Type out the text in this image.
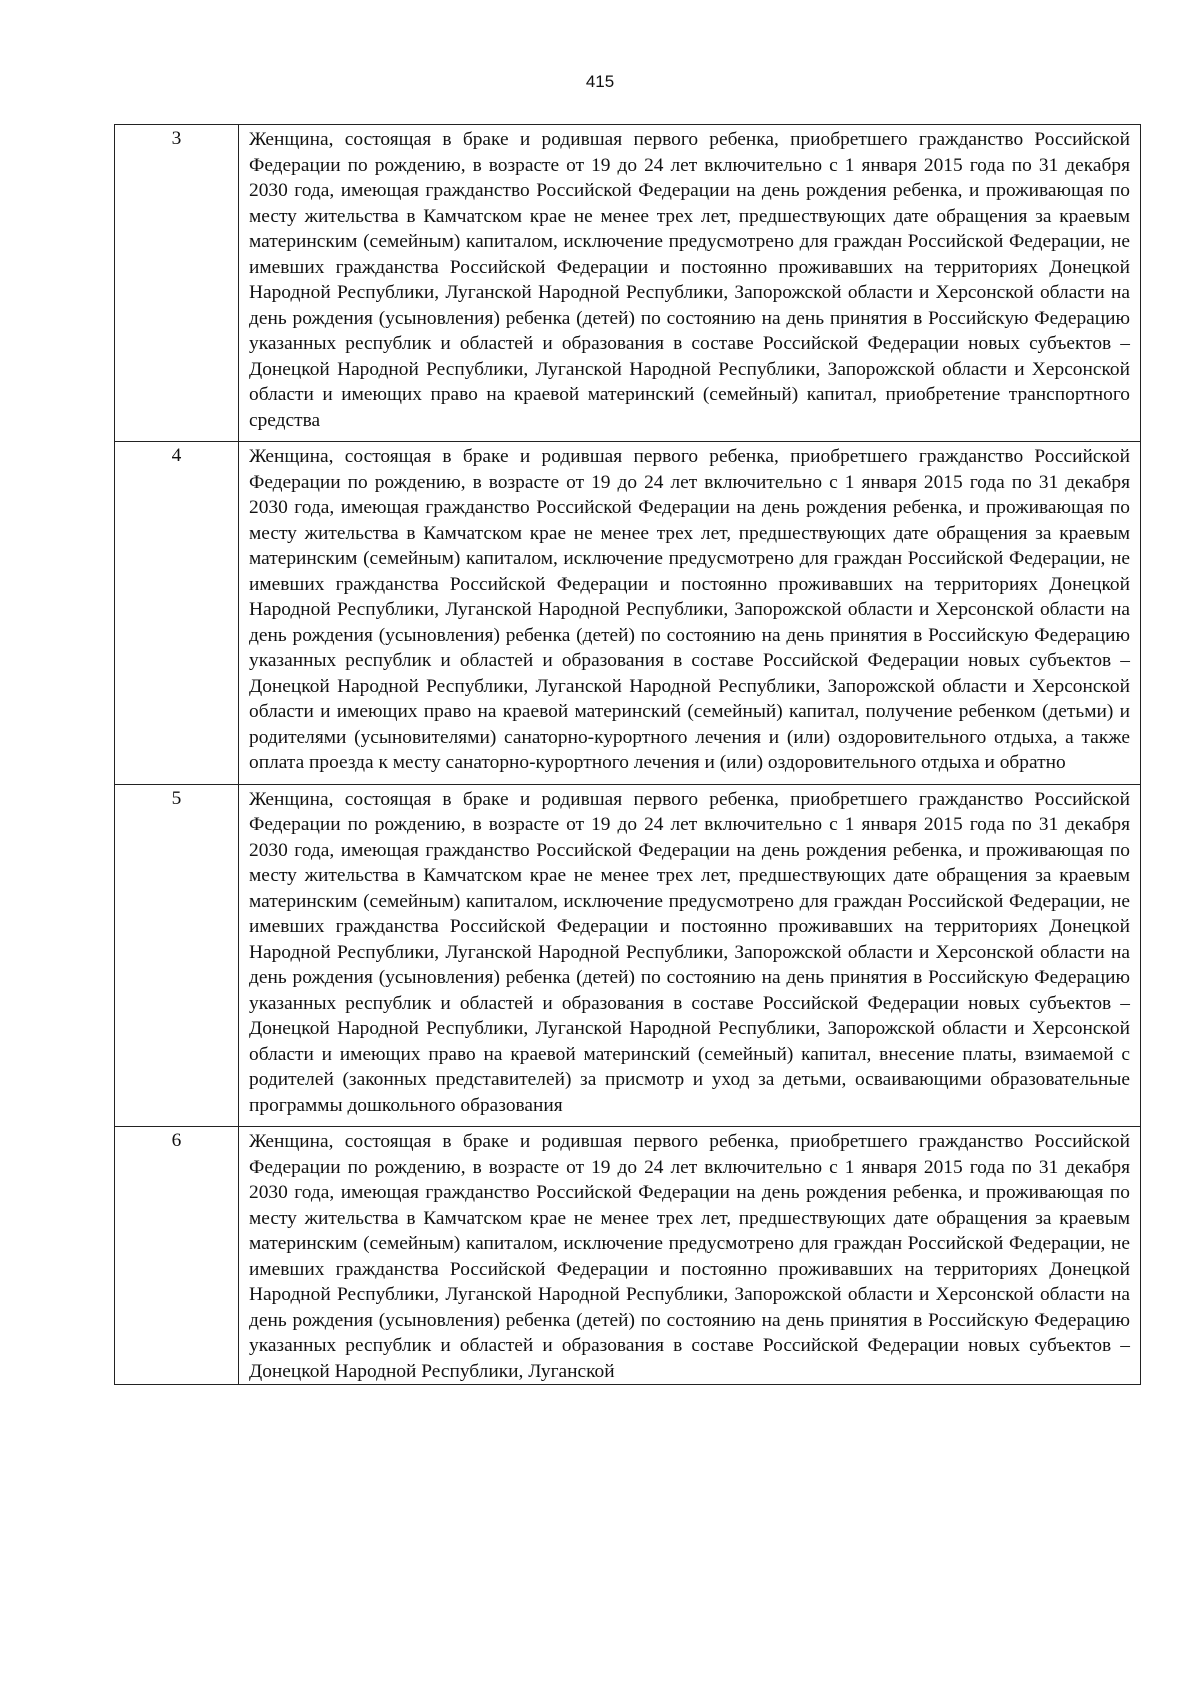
415
3	Женщина, состоящая в браке и родившая первого ребенка, приобретшего гражданство Российской Федерации по рождению, в возрасте от 19 до 24 лет включительно с 1 января 2015 года по 31 декабря 2030 года, имеющая гражданство Российской Федерации на день рождения ребенка, и проживающая по месту жительства в Камчатском крае не менее трех лет, предшествующих дате обращения за краевым материнским (семейным) капиталом, исключение предусмотрено для граждан Российской Федерации, не имевших гражданства Российской Федерации и постоянно проживавших на территориях Донецкой Народной Республики, Луганской Народной Республики, Запорожской области и Херсонской области на день рождения (усыновления) ребенка (детей) по состоянию на день принятия в Российскую Федерацию указанных республик и областей и образования в составе Российской Федерации новых субъектов – Донецкой Народной Республики, Луганской Народной Республики, Запорожской области и Херсонской области и имеющих право на краевой материнский (семейный) капитал, приобретение транспортного средства
4	Женщина, состоящая в браке и родившая первого ребенка, приобретшего гражданство Российской Федерации по рождению, в возрасте от 19 до 24 лет включительно с 1 января 2015 года по 31 декабря 2030 года, имеющая гражданство Российской Федерации на день рождения ребенка, и проживающая по месту жительства в Камчатском крае не менее трех лет, предшествующих дате обращения за краевым материнским (семейным) капиталом, исключение предусмотрено для граждан Российской Федерации, не имевших гражданства Российской Федерации и постоянно проживавших на территориях Донецкой Народной Республики, Луганской Народной Республики, Запорожской области и Херсонской области на день рождения (усыновления) ребенка (детей) по состоянию на день принятия в Российскую Федерацию указанных республик и областей и образования в составе Российской Федерации новых субъектов – Донецкой Народной Республики, Луганской Народной Республики, Запорожской области и Херсонской области и имеющих право на краевой материнский (семейный) капитал, получение ребенком (детьми) и родителями (усыновителями) санаторно-курортного лечения и (или) оздоровительного отдыха, а также оплата проезда к месту санаторно-курортного лечения и (или) оздоровительного отдыха и обратно
5	Женщина, состоящая в браке и родившая первого ребенка, приобретшего гражданство Российской Федерации по рождению, в возрасте от 19 до 24 лет включительно с 1 января 2015 года по 31 декабря 2030 года, имеющая гражданство Российской Федерации на день рождения ребенка, и проживающая по месту жительства в Камчатском крае не менее трех лет, предшествующих дате обращения за краевым материнским (семейным) капиталом, исключение предусмотрено для граждан Российской Федерации, не имевших гражданства Российской Федерации и постоянно проживавших на территориях Донецкой Народной Республики, Луганской Народной Республики, Запорожской области и Херсонской области на день рождения (усыновления) ребенка (детей) по состоянию на день принятия в Российскую Федерацию указанных республик и областей и образования в составе Российской Федерации новых субъектов – Донецкой Народной Республики, Луганской Народной Республики, Запорожской области и Херсонской области и имеющих право на краевой материнский (семейный) капитал, внесение платы, взимаемой с родителей (законных представителей) за присмотр и уход за детьми, осваивающими образовательные программы дошкольного образования
6	Женщина, состоящая в браке и родившая первого ребенка, приобретшего гражданство Российской Федерации по рождению, в возрасте от 19 до 24 лет включительно с 1 января 2015 года по 31 декабря 2030 года, имеющая гражданство Российской Федерации на день рождения ребенка, и проживающая по месту жительства в Камчатском крае не менее трех лет, предшествующих дате обращения за краевым материнским (семейным) капиталом, исключение предусмотрено для граждан Российской Федерации, не имевших гражданства Российской Федерации и постоянно проживавших на территориях Донецкой Народной Республики, Луганской Народной Республики, Запорожской области и Херсонской области на день рождения (усыновления) ребенка (детей) по состоянию на день принятия в Российскую Федерацию указанных республик и областей и образования в составе Российской Федерации новых субъектов – Донецкой Народной Республики, Луганской
